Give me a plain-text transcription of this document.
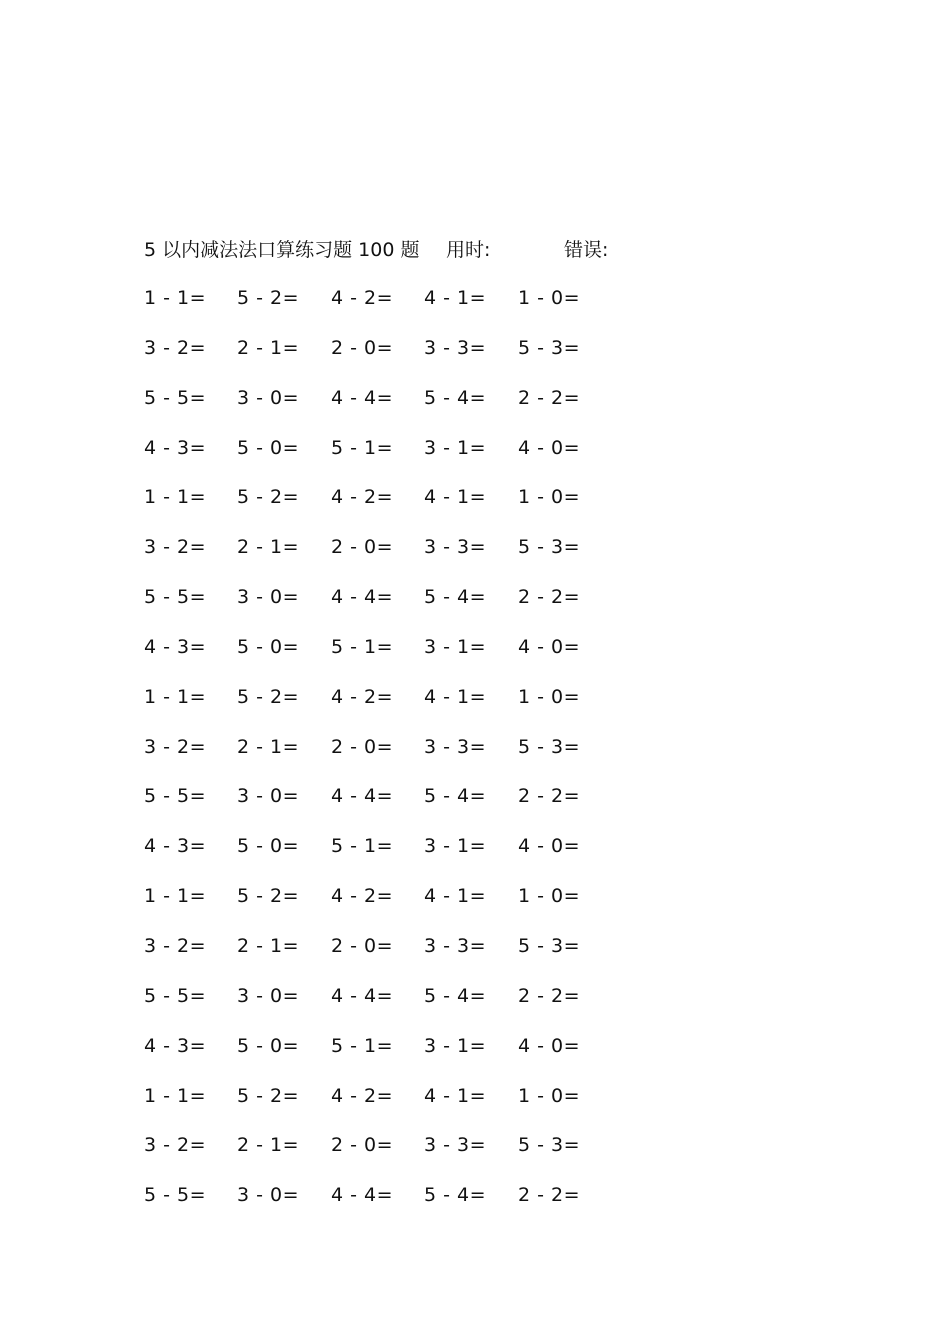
5 以内减法法口算练习题 100 题 用时:	错误:
1 - 1= 5 - 2= 4 - 2= 4 - 1= 1 - 0=
3 - 2= 2 - 1= 2 - 0= 3 - 3= 5 - 3=
5 - 5= 3 - 0= 4 - 4= 5 - 4= 2 - 2=
4 - 3= 5 - 0= 5 - 1= 3 - 1= 4 - 0=
1 - 1= 5 - 2= 4 - 2= 4 - 1= 1 - 0=
3 - 2= 2 - 1= 2 - 0= 3 - 3= 5 - 3=
5 - 5= 3 - 0= 4 - 4= 5 - 4= 2 - 2=
4 - 3= 5 - 0= 5 - 1= 3 - 1= 4 - 0=
1 - 1= 5 - 2= 4 - 2= 4 - 1= 1 - 0=
3 - 2= 2 - 1= 2 - 0= 3 - 3= 5 - 3=
5 - 5= 3 - 0= 4 - 4= 5 - 4= 2 - 2=
4 - 3= 5 - 0= 5 - 1= 3 - 1= 4 - 0=
1 - 1= 5 - 2= 4 - 2= 4 - 1= 1 - 0=
3 - 2= 2 - 1= 2 - 0= 3 - 3= 5 - 3=
5 - 5= 3 - 0= 4 - 4= 5 - 4= 2 - 2=
4 - 3= 5 - 0= 5 - 1= 3 - 1= 4 - 0=
1 - 1= 5 - 2= 4 - 2= 4 - 1= 1 - 0=
3 - 2= 2 - 1= 2 - 0= 3 - 3= 5 - 3=
5 - 5= 3 - 0= 4 - 4= 5 - 4= 2 - 2=
